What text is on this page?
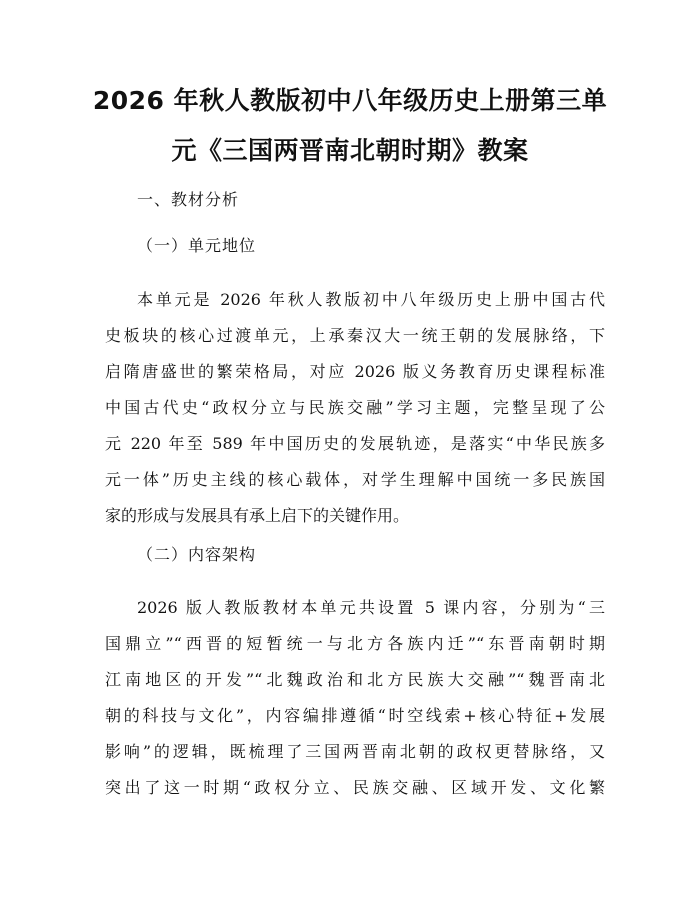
2026 年秋人教版初中八年级历史上册第三单
元《三国两晋南北朝时期》教案
一、教材分析
（一）单元地位
本单元是 2026 年秋人教版初中八年级历史上册中国古代
史板块的核心过渡单元，上承秦汉大一统王朝的发展脉络，下
启隋唐盛世的繁荣格局，对应 2026 版义务教育历史课程标准
中国古代史“政权分立与民族交融”学习主题，完整呈现了公
元 220 年至 589 年中国历史的发展轨迹，是落实“中华民族多
元一体”历史主线的核心载体，对学生理解中国统一多民族国
家的形成与发展具有承上启下的关键作用。
（二）内容架构
2026 版人教版教材本单元共设置 5 课内容，分别为“三
国鼎立”“西晋的短暂统一与北方各族内迁”“东晋南朝时期
江南地区的开发”“北魏政治和北方民族大交融”“魏晋南北
朝的科技与文化”，内容编排遵循“时空线索+核心特征+发展
影响”的逻辑，既梳理了三国两晋南北朝的政权更替脉络，又
突出了这一时期“政权分立、民族交融、区域开发、文化繁
